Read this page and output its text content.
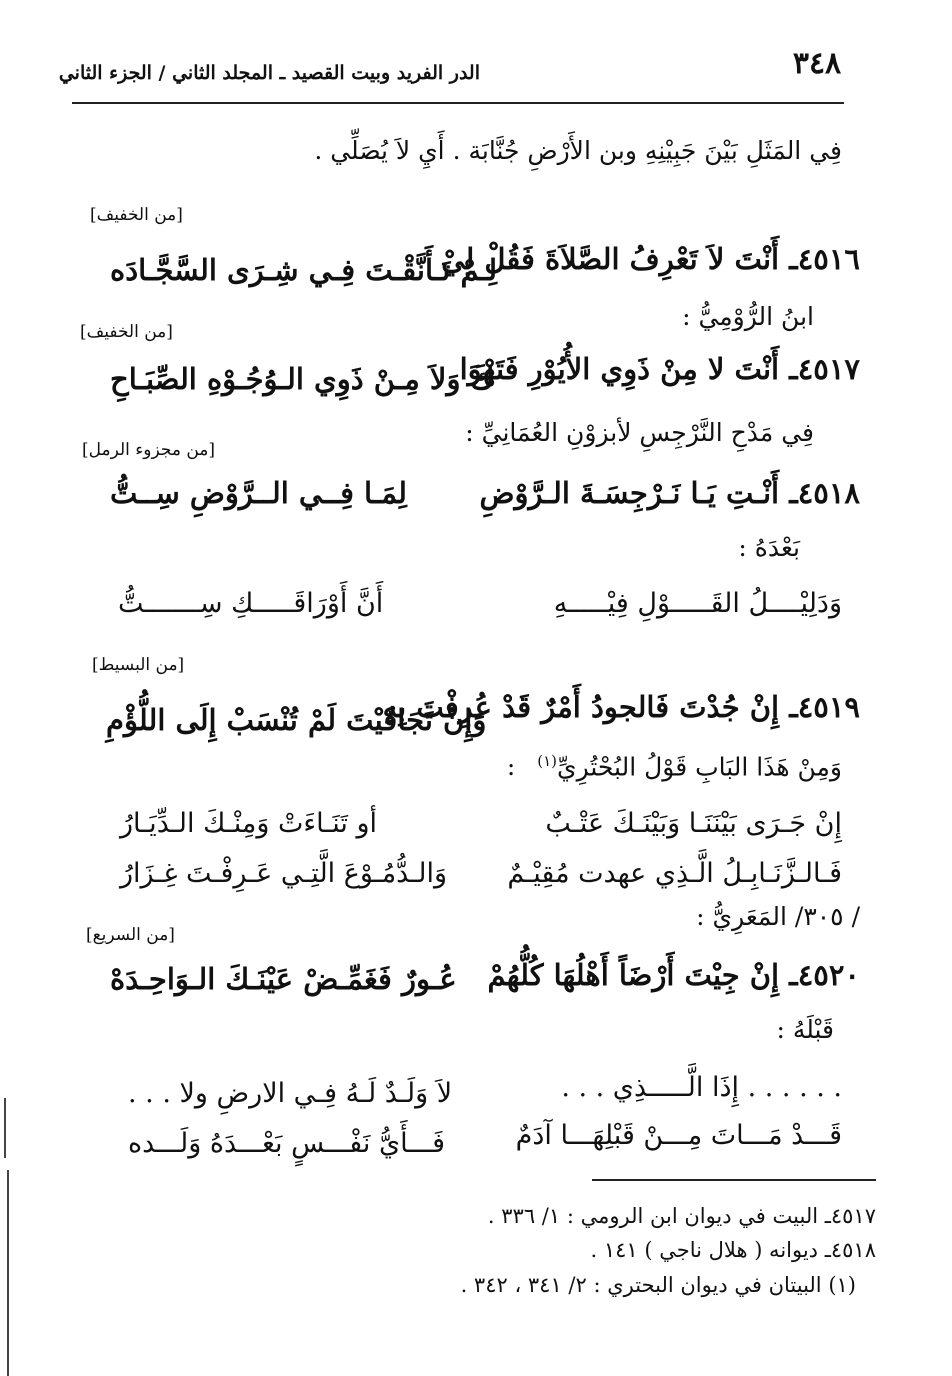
٣٤٨
الدر الفريد وبيت القصيد ـ المجلد الثاني / الجزء الثاني
فِي المَثَلِ بَيْنَ جَبِيْنِهِ وبن الأَرْضِ جُنَّابَة . أَيِ لاَ يُصَلِّي .
[من الخفيف]
٤٥١٦ـ أَنْتَ لاَ تَعْرِفُ الصَّلاَةَ فَقُلْ لِيْ
لِـمْ تَـأَنَّقْـتَ فِـي شِـرَى السَّجَّـادَه
ابنُ الرُّوْمِيُّ :
[من الخفيف]
٤٥١٧ـ أَنْتَ لا مِنْ ذَوِي الأُيُوْرِ فَتَهْوَا
كَ وَلاَ مِـنْ ذَوِي الـوُجُـوْهِ الصِّبَـاحِ
فِي مَدْحِ النَّرْجِسِ لأبزوْنِ العُمَانِيِّ :
[من مجزوء الرمل]
٤٥١٨ـ أَنْـتِ يَـا نَـرْجِسَـةَ الـرَّوْضِ
لِمَـا فِــي الــرَّوْضِ سِــتُّ
بَعْدَهُ :
وَدَلِيْــــلُ القَـــــوْلِ فِيْـــــهِ
أَنَّ أَوْرَاقَـــــكِ سِـــــــتُّ
[من البسيط]
٤٥١٩ـ إِنْ جُدْتَ فَالجودُ أَمْرٌ قَدْ عُرِفْتَ بِهِ
وَإِنْ تَجَافَيْتَ لَمْ تُنْسَبْ إِلَى اللُّؤْمِ
وَمِنْ هَذَا البَابِ قَوْلُ البُحْتُرِيِّ$^{(١)}$ :
إِنْ جَـرَى بَيْنَنَـا وَبَيْنَـكَ عَتْـبٌ
أو تَنَـاءَتْ وَمِنْـكَ الـدِّيَـارُ
فَـالـزَّنَـابِـلُ الَّـذِي عهدت مُقِيْـمٌ
وَالـدُّمُـوْعَ الَّتِـي عَـرِفْـتَ غِـزَارُ
/ ٣٠٥/ المَعَرِيُّ :
[من السريع]
٤٥٢٠ـ إِنْ جِيْتَ أَرْضَاً أَهْلُهَا كُلُّهُمْ
عُـورٌ فَغَمِّـضْ عَيْنَـكَ الـوَاحِـدَهْ
قَبْلَهُ :
. . . . . . إِذَا الَّـــــذِي . . .
لاَ وَلَـدٌ لَـهُ فِـي الارضِ ولا . . .
قَـــدْ مَـــاتَ مِـــنْ قَبْلِهَـــا آدَمٌ
فَـــأَيُّ نَفْـــسٍ بَعْـــدَهُ وَلَـــده
٤٥١٧ـ البيت في ديوان ابن الرومي : ١/ ٣٣٦ .
٤٥١٨ـ ديوانه ( هلال ناجي ) ١٤١ .
(١) البيتان في ديوان البحتري : ٢/ ٣٤١ ، ٣٤٢ .
